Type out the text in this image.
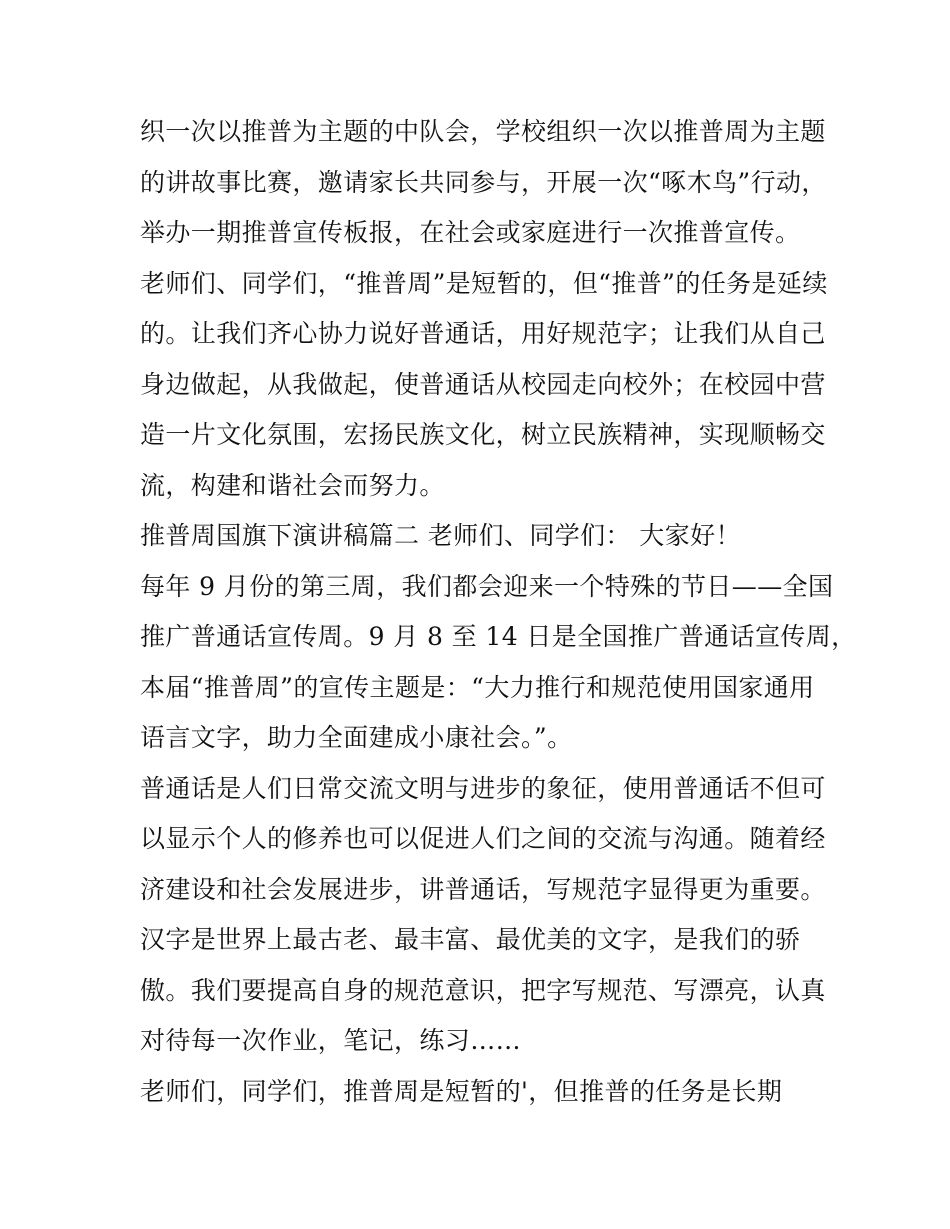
织一次以推普为主题的中队会，学校组织一次以推普周为主题
的讲故事比赛，邀请家长共同参与，开展一次“啄木鸟”行动，
举办一期推普宣传板报，在社会或家庭进行一次推普宣传。
老师们、同学们，“推普周”是短暂的，但“推普”的任务是延续
的。让我们齐心协力说好普通话，用好规范字；让我们从自己
身边做起，从我做起，使普通话从校园走向校外；在校园中营
造一片文化氛围，宏扬民族文化，树立民族精神，实现顺畅交
流，构建和谐社会而努力。
推普周国旗下演讲稿篇二 老师们、同学们： 大家好！
每年 9 月份的第三周，我们都会迎来一个特殊的节日——全国
推广普通话宣传周。9 月 8 至 14 日是全国推广普通话宣传周，
本届“推普周”的宣传主题是：“大力推行和规范使用国家通用
语言文字，助力全面建成小康社会。”。
普通话是人们日常交流文明与进步的象征，使用普通话不但可
以显示个人的修养也可以促进人们之间的交流与沟通。随着经
济建设和社会发展进步，讲普通话，写规范字显得更为重要。
汉字是世界上最古老、最丰富、最优美的文字，是我们的骄
傲。我们要提高自身的规范意识，把字写规范、写漂亮，认真
对待每一次作业，笔记，练习……
老师们，同学们，推普周是短暂的'，但推普的任务是长期
